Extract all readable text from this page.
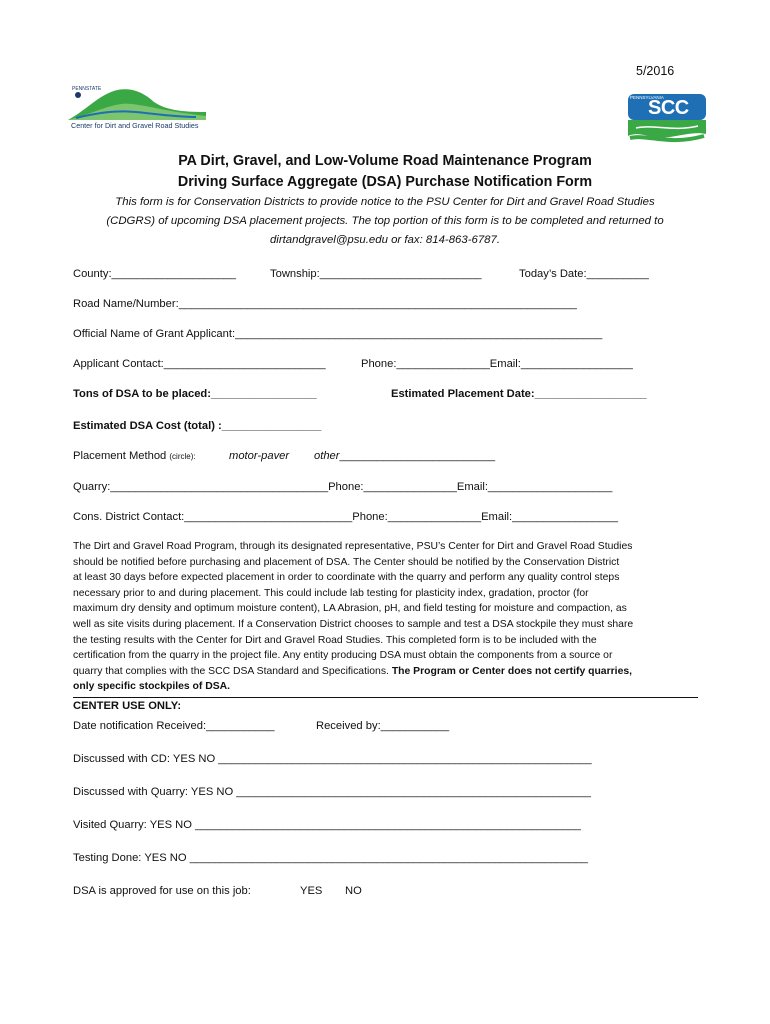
5/2016
PENNSTATE
Center for Dirt and Gravel Road Studies
PENNSYLVANIA
SCC
PA Dirt, Gravel, and Low-Volume Road Maintenance Program
Driving Surface Aggregate (DSA) Purchase Notification Form
This form is for Conservation Districts to provide notice to the PSU Center for Dirt and Gravel Road Studies
(CDGRS) of upcoming DSA placement projects. The top portion of this form is to be completed and returned to
dirtandgravel@psu.edu or fax: 814-863-6787.
County:____________________	Township:__________________________	Today’s Date:__________
Road Name/Number:________________________________________________________________
Official Name of Grant Applicant:___________________________________________________________
Applicant Contact:__________________________	Phone:_______________Email:__________________
Tons of DSA to be placed:_________________	Estimated Placement Date:__________________
Estimated DSA Cost (total) :________________
Placement Method (circle):	motor-paver other_________________________
Quarry:___________________________________Phone:_______________Email:____________________
Cons. District Contact:___________________________Phone:_______________Email:_________________
The Dirt and Gravel Road Program, through its designated representative, PSU’s Center for Dirt and Gravel Road Studies
should be notified before purchasing and placement of DSA. The Center should be notified by the Conservation District
at least 30 days before expected placement in order to coordinate with the quarry and perform any quality control steps
necessary prior to and during placement. This could include lab testing for plasticity index, gradation, proctor (for
maximum dry density and optimum moisture content), LA Abrasion, pH, and field testing for moisture and compaction, as
well as site visits during placement. If a Conservation District chooses to sample and test a DSA stockpile they must share
the testing results with the Center for Dirt and Gravel Road Studies. This completed form is to be included with the
certification from the quarry in the project file. Any entity producing DSA must obtain the components from a source or
quarry that complies with the SCC DSA Standard and Specifications. The Program or Center does not certify quarries,
only specific stockpiles of DSA.
CENTER USE ONLY:
Date notification Received:___________	Received by:___________
Discussed with CD: YES NO ____________________________________________________________
Discussed with Quarry: YES NO _________________________________________________________
Visited Quarry: YES NO ______________________________________________________________
Testing Done: YES NO ________________________________________________________________
DSA is approved for use on this job:	YES NO
